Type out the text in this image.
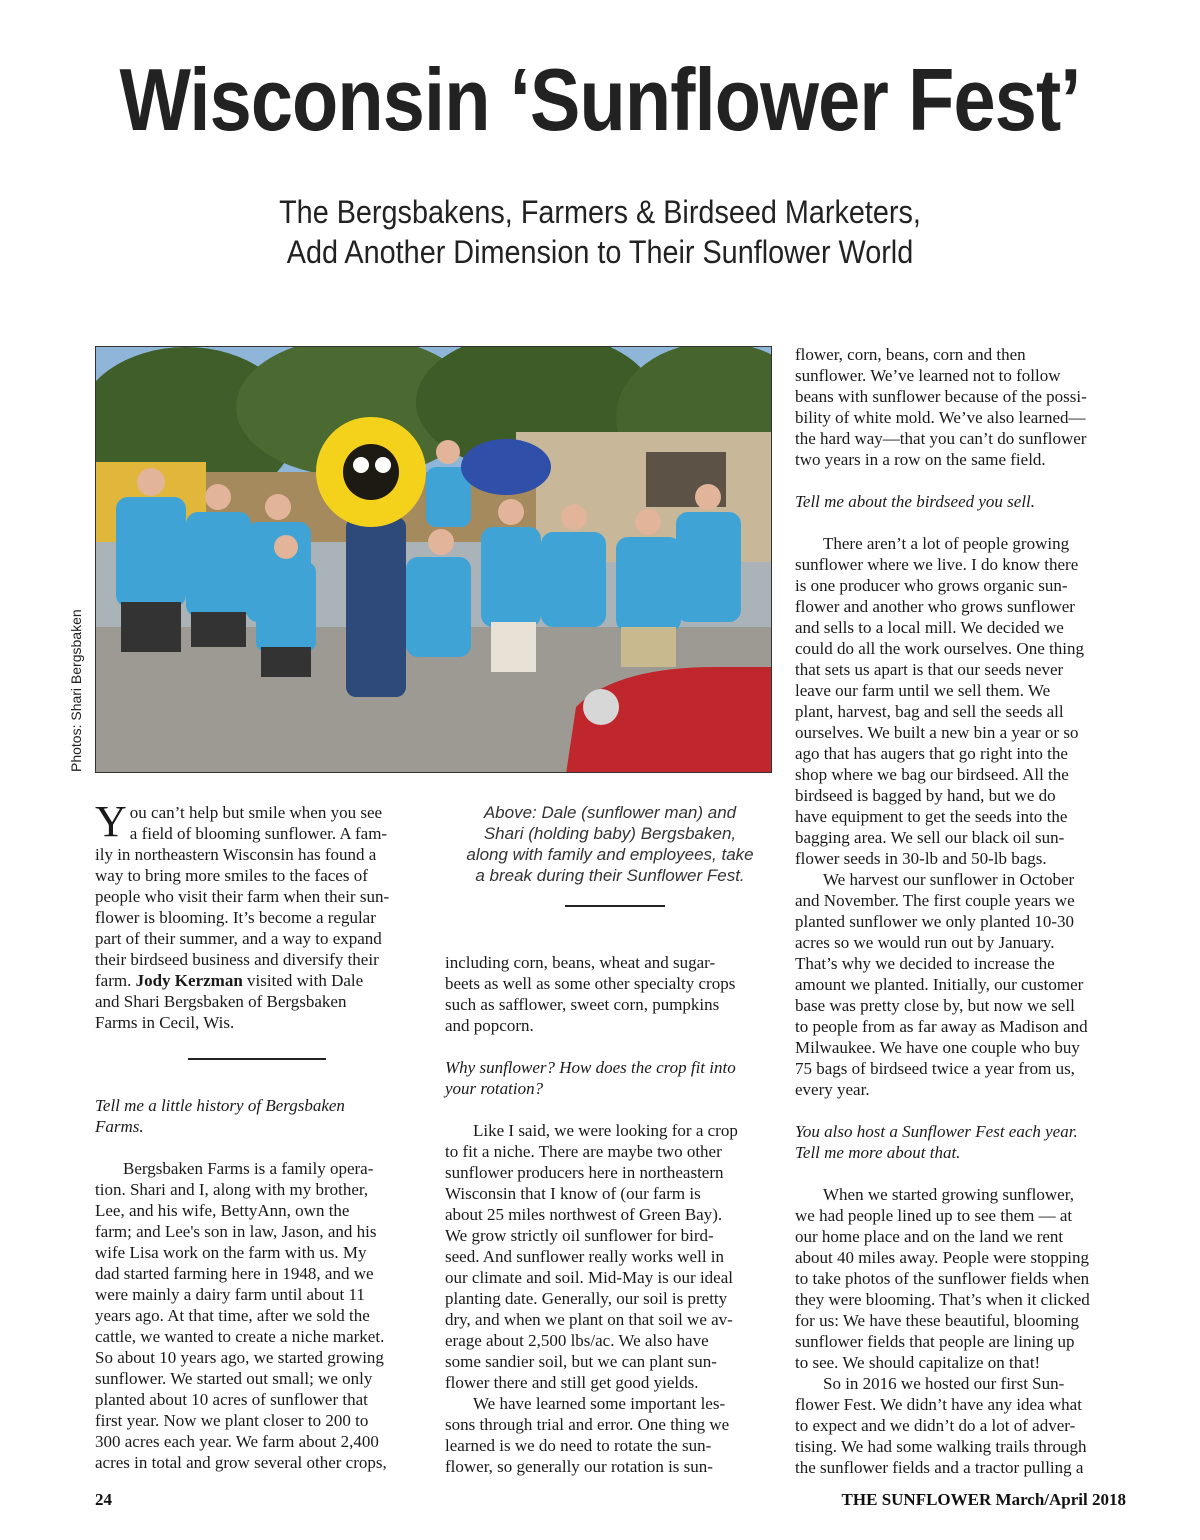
Wisconsin ‘Sunflower Fest’
The Bergsbakens, Farmers & Birdseed Marketers,
Add Another Dimension to Their Sunflower World
Photos: Shari Bergsbaken

Y ou can’t help but smile when you see
a field of blooming sunflower. A fam-
ily in northeastern Wisconsin has found a
way to bring more smiles to the faces of
people who visit their farm when their sun-
flower is blooming. It’s become a regular
part of their summer, and a way to expand
their birdseed business and diversify their
farm. Jody Kerzman visited with Dale
and Shari Bergsbaken of Bergsbaken
Farms in Cecil, Wis.

Tell me a little history of Bergsbaken
Farms.

Bergsbaken Farms is a family opera-
tion. Shari and I, along with my brother,
Lee, and his wife, BettyAnn, own the
farm; and Lee's son in law, Jason, and his
wife Lisa work on the farm with us. My
dad started farming here in 1948, and we
were mainly a dairy farm until about 11
years ago. At that time, after we sold the
cattle, we wanted to create a niche market.
So about 10 years ago, we started growing
sunflower. We started out small; we only
planted about 10 acres of sunflower that
first year. Now we plant closer to 200 to
300 acres each year. We farm about 2,400
acres in total and grow several other crops,

Above: Dale (sunflower man) and
Shari (holding baby) Bergsbaken,
along with family and employees, take
a break during their Sunflower Fest.

including corn, beans, wheat and sugar-
beets as well as some other specialty crops
such as safflower, sweet corn, pumpkins
and popcorn.

Why sunflower? How does the crop fit into
your rotation?

Like I said, we were looking for a crop
to fit a niche. There are maybe two other
sunflower producers here in northeastern
Wisconsin that I know of (our farm is
about 25 miles northwest of Green Bay).
We grow strictly oil sunflower for bird-
seed. And sunflower really works well in
our climate and soil. Mid-May is our ideal
planting date. Generally, our soil is pretty
dry, and when we plant on that soil we av-
erage about 2,500 lbs/ac. We also have
some sandier soil, but we can plant sun-
flower there and still get good yields.

We have learned some important les-
sons through trial and error. One thing we
learned is we do need to rotate the sun-
flower, so generally our rotation is sun-

flower, corn, beans, corn and then
sunflower. We’ve learned not to follow
beans with sunflower because of the possi-
bility of white mold. We’ve also learned—
the hard way—that you can’t do sunflower
two years in a row on the same field.

Tell me about the birdseed you sell.

There aren’t a lot of people growing
sunflower where we live. I do know there
is one producer who grows organic sun-
flower and another who grows sunflower
and sells to a local mill. We decided we
could do all the work ourselves. One thing
that sets us apart is that our seeds never
leave our farm until we sell them. We
plant, harvest, bag and sell the seeds all
ourselves. We built a new bin a year or so
ago that has augers that go right into the
shop where we bag our birdseed. All the
birdseed is bagged by hand, but we do
have equipment to get the seeds into the
bagging area. We sell our black oil sun-
flower seeds in 30-lb and 50-lb bags.

We harvest our sunflower in October
and November. The first couple years we
planted sunflower we only planted 10-30
acres so we would run out by January.
That’s why we decided to increase the
amount we planted. Initially, our customer
base was pretty close by, but now we sell
to people from as far away as Madison and
Milwaukee. We have one couple who buy
75 bags of birdseed twice a year from us,
every year.

You also host a Sunflower Fest each year.
Tell me more about that.

When we started growing sunflower,
we had people lined up to see them — at
our home place and on the land we rent
about 40 miles away. People were stopping
to take photos of the sunflower fields when
they were blooming. That’s when it clicked
for us: We have these beautiful, blooming
sunflower fields that people are lining up
to see. We should capitalize on that!

So in 2016 we hosted our first Sun-
flower Fest. We didn’t have any idea what
to expect and we didn’t do a lot of adver-
tising. We had some walking trails through
the sunflower fields and a tractor pulling a

24	THE SUNFLOWER March/April 2018
